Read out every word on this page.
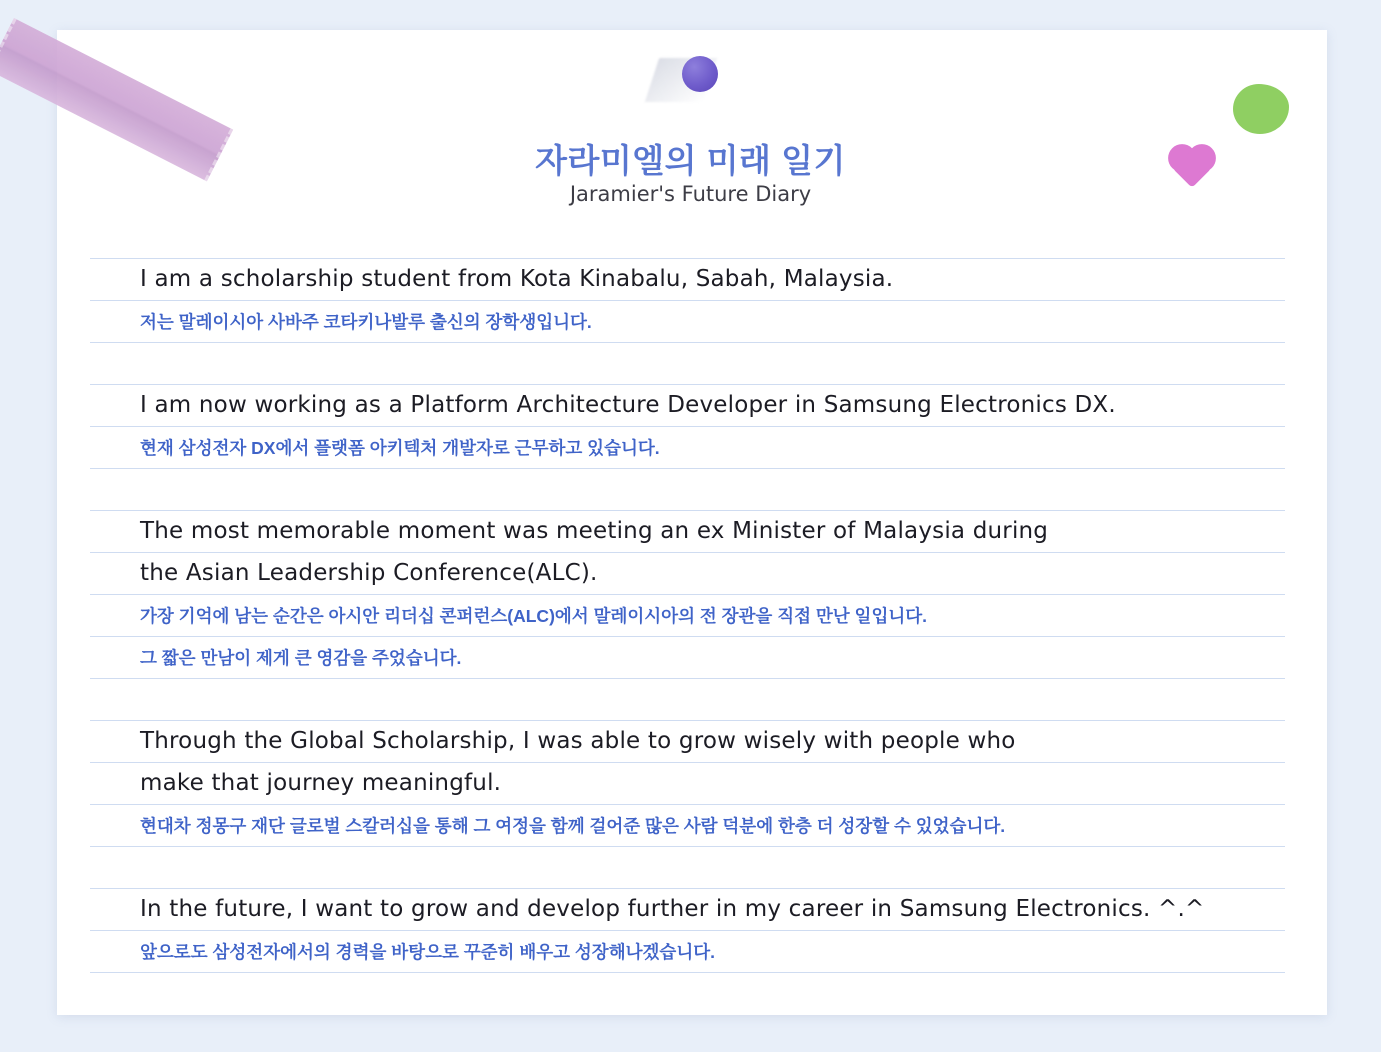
자라미엘의 미래 일기
Jaramier's Future Diary
I am a scholarship student from Kota Kinabalu, Sabah, Malaysia.
저는 말레이시아 사바주 코타키나발루 출신의 장학생입니다.
I am now working as a Platform Architecture Developer in Samsung Electronics DX.
현재 삼성전자 DX에서 플랫폼 아키텍처 개발자로 근무하고 있습니다.
The most memorable moment was meeting an ex Minister of Malaysia during
the Asian Leadership Conference(ALC).
가장 기억에 남는 순간은 아시안 리더십 콘퍼런스(ALC)에서 말레이시아의 전 장관을 직접 만난 일입니다.
그 짧은 만남이 제게 큰 영감을 주었습니다.
Through the Global Scholarship, I was able to grow wisely with people who
make that journey meaningful.
현대차 정몽구 재단 글로벌 스칼러십을 통해 그 여정을 함께 걸어준 많은 사람 덕분에 한층 더 성장할 수 있었습니다.
In the future, I want to grow and develop further in my career in Samsung Electronics. ^.^
앞으로도 삼성전자에서의 경력을 바탕으로 꾸준히 배우고 성장해나겠습니다.
